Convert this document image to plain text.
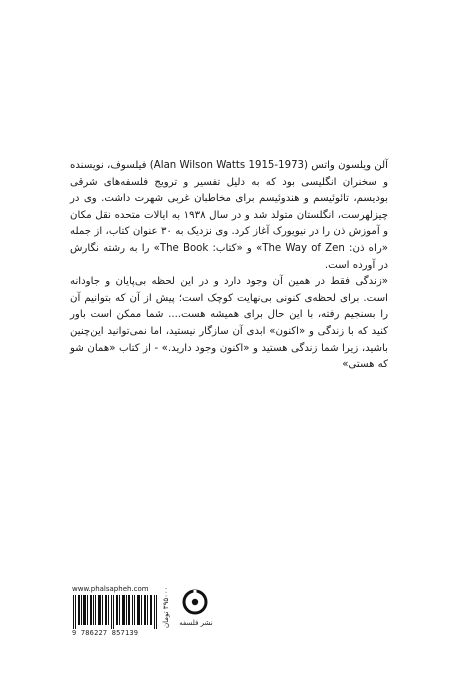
آلن ویلسون واتس (1973-1915 Alan Wilson Watts) فیلسوف، نویسنده و سخنران انگلیسی بود که به دلیل تفسیر و ترویج فلسفه‌های شرقی بودیسم، تائوئیسم و هندوئیسم برای مخاطبان غربی شهرت داشت. وی در چیزلهرست، انگلستان متولد شد و در سال ۱۹۳۸ به ایالات متحده نقل مکان و آموزش ذن را در نیویورک آغاز کرد. وی نزدیک به ۳۰ عنوان کتاب، از جمله «راه ذن: The Way of Zen» و «کتاب: The Book» را به رشته نگارش در آورده است.

«زندگی فقط در همین آن وجود دارد و در این لحظه بی‌پایان و جاودانه است. برای لحظه‌ی کنونی بی‌نهایت کوچک است؛ پیش از آن که بتوانیم آن را بسنجیم رفته، با این حال برای همیشه هست.... شما ممکن است باور کنید که با زندگی و «اکنون» ابدی آن سازگار نیستید، اما نمی‌توانید این‌چنین باشید، زیرا شما زندگی هستید و «اکنون وجود دارید.» - از کتاب «همان شو که هستی»

www.phalsapheh.com
9 786227 857139
۳۹۵۰۰۰ تومان
نشر فلسفه
